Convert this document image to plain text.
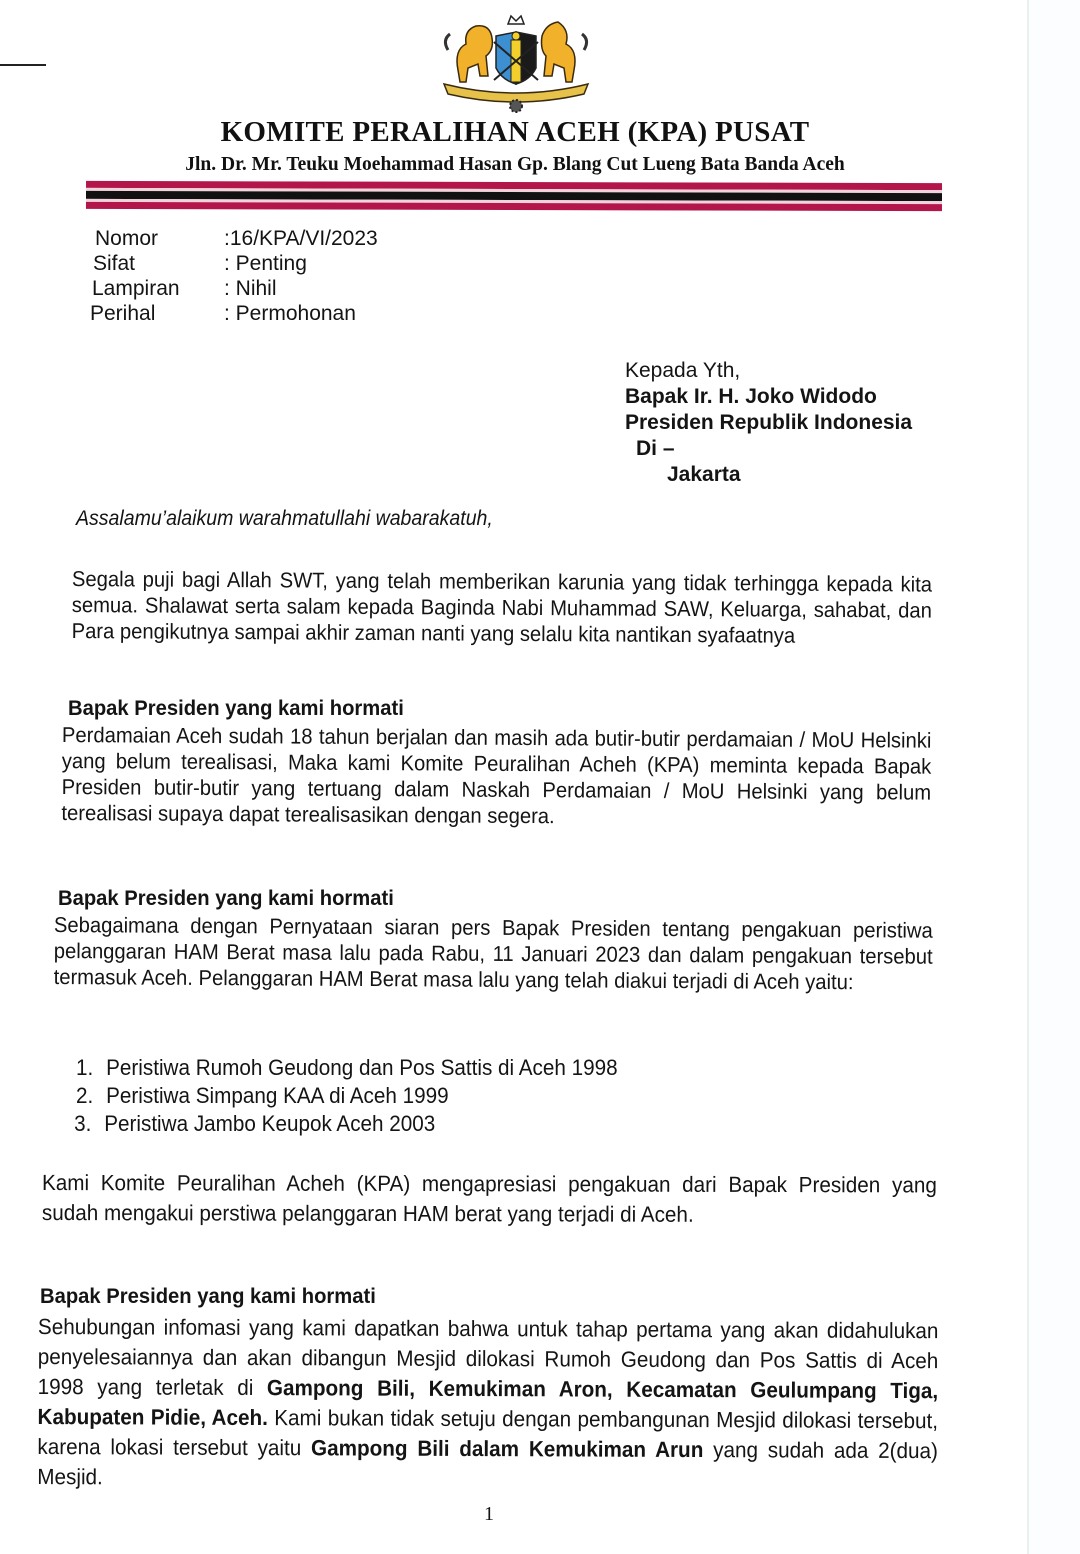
KOMITE PERALIHAN ACEH (KPA) PUSAT
Jln. Dr. Mr. Teuku Moehammad Hasan Gp. Blang Cut Lueng Bata Banda Aceh
Nomor	:16/KPA/VI/2023
Sifat	: Penting
Lampiran	: Nihil
Perihal	: Permohonan
Kepada Yth,
Bapak Ir. H. Joko Widodo
Presiden Republik Indonesia
Di –
Jakarta
Assalamu’alaikum warahmatullahi wabarakatuh,
Segala puji bagi Allah SWT, yang telah memberikan karunia yang tidak terhingga kepada kita semua. Shalawat serta salam kepada Baginda Nabi Muhammad SAW, Keluarga, sahabat, dan Para pengikutnya sampai akhir zaman nanti yang selalu kita nantikan syafaatnya
Bapak Presiden yang kami hormati
Perdamaian Aceh sudah 18 tahun berjalan dan masih ada butir-butir perdamaian / MoU Helsinki yang belum terealisasi, Maka kami Komite Peuralihan Acheh (KPA) meminta kepada Bapak Presiden butir-butir yang tertuang dalam Naskah Perdamaian / MoU Helsinki yang belum terealisasi supaya dapat terealisasikan dengan segera.
Bapak Presiden yang kami hormati
Sebagaimana dengan Pernyataan siaran pers Bapak Presiden tentang pengakuan peristiwa pelanggaran HAM Berat masa lalu pada Rabu, 11 Januari 2023 dan dalam pengakuan tersebut termasuk Aceh. Pelanggaran HAM Berat masa lalu yang telah diakui terjadi di Aceh yaitu:
1. Peristiwa Rumoh Geudong dan Pos Sattis di Aceh 1998
2. Peristiwa Simpang KAA di Aceh 1999
3. Peristiwa Jambo Keupok Aceh 2003
Kami Komite Peuralihan Acheh (KPA) mengapresiasi pengakuan dari Bapak Presiden yang sudah mengakui perstiwa pelanggaran HAM berat yang terjadi di Aceh.
Bapak Presiden yang kami hormati
Sehubungan infomasi yang kami dapatkan bahwa untuk tahap pertama yang akan didahulukan penyelesaiannya dan akan dibangun Mesjid dilokasi Rumoh Geudong dan Pos Sattis di Aceh 1998 yang terletak di Gampong Bili, Kemukiman Aron, Kecamatan Geulumpang Tiga, Kabupaten Pidie, Aceh. Kami bukan tidak setuju dengan pembangunan Mesjid dilokasi tersebut, karena lokasi tersebut yaitu Gampong Bili dalam Kemukiman Arun yang sudah ada 2(dua) Mesjid.
1
